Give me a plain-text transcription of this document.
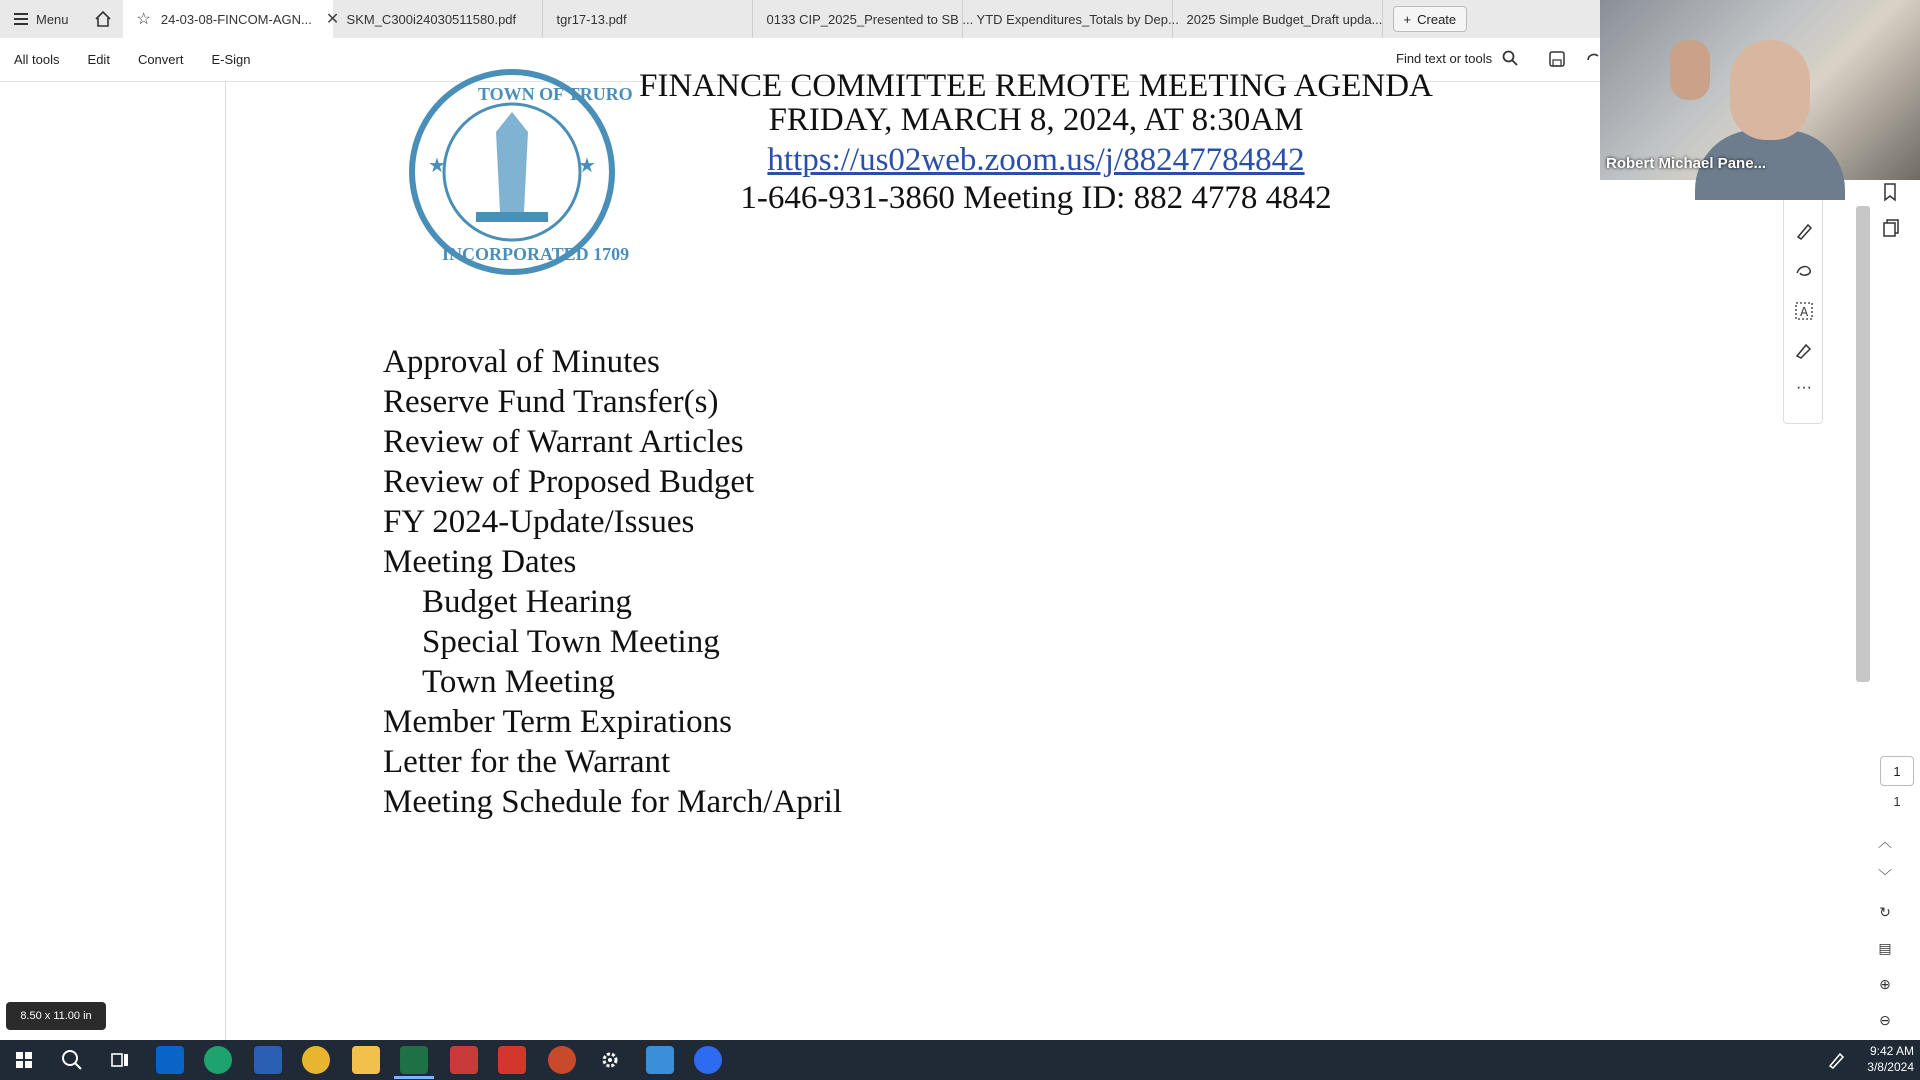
Menu	☆ 24-03-08-FINCOM-AGN... ✕ SKM_C300i24030511580.pdf	tgr17-13.pdf	0133 CIP_2025_Presented to SB ... YTD Expenditures_Totals by Dep... 2025 Simple Budget_Draft upda... + Create
All tools	Edit	Convert	E-Sign	Find text or tools
★	★
TOWN OF TRURO
INCORPORATED 1709
FINANCE COMMITTEE REMOTE MEETING AGENDA
FRIDAY, MARCH 8, 2024, AT 8:30AM
https://us02web.zoom.us/j/88247784842
1-646-931-3860 Meeting ID: 882 4778 4842
Approval of Minutes
Reserve Fund Transfer(s)
Review of Warrant Articles
Review of Proposed Budget
FY 2024-Update/Issues
Meeting Dates
Budget Hearing
Special Town Meeting
Town Meeting
Member Term Expirations
Letter for the Warrant
Meeting Schedule for March/April
A
···
1
1
︿
﹀
↻
▤
⊕
⊖
Robert Michael Pane...
8.50 x 11.00 in
9:42 AM
3/8/2024
